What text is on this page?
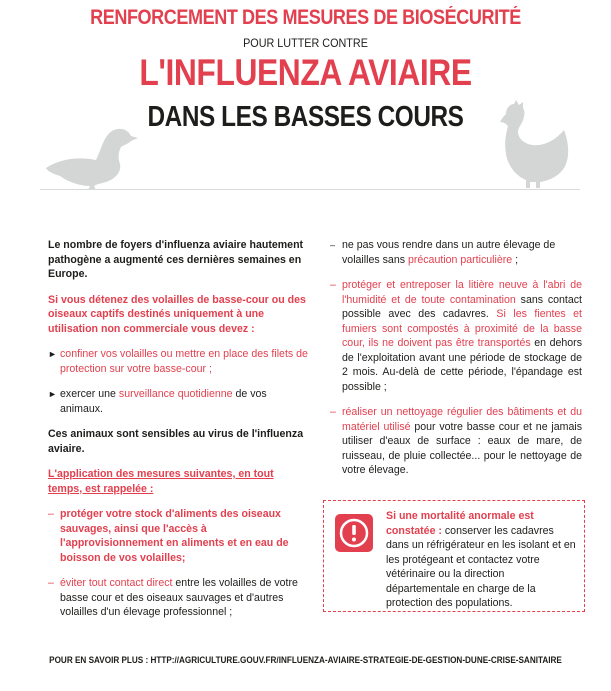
RENFORCEMENT DES MESURES DE BIOSÉCURITÉ
POUR LUTTER CONTRE
L'INFLUENZA AVIAIRE
DANS LES BASSES COURS

Le nombre de foyers d'influenza aviaire hautement pathogène a augmenté ces dernières semaines en Europe.

Si vous détenez des volailles de basse-cour ou des oiseaux captifs destinés uniquement à une utilisation non commerciale vous devez :

► confiner vos volailles ou mettre en place des filets de protection sur votre basse-cour ;
► exercer une surveillance quotidienne de vos animaux.

Ces animaux sont sensibles au virus de l'influenza aviaire.

L'application des mesures suivantes, en tout temps, est rappelée :

– protéger votre stock d'aliments des oiseaux sauvages, ainsi que l'accès à l'approvisionnement en aliments et en eau de boisson de vos volailles;
– éviter tout contact direct entre les volailles de votre basse cour et des oiseaux sauvages et d'autres volailles d'un élevage professionnel ;
– ne pas vous rendre dans un autre élevage de volailles sans précaution particulière ;
– protéger et entreposer la litière neuve à l'abri de l'humidité et de toute contamination sans contact possible avec des cadavres. Si les fientes et fumiers sont compostés à proximité de la basse cour, ils ne doivent pas être transportés en dehors de l'exploitation avant une période de stockage de 2 mois. Au-delà de cette période, l'épandage est possible ;
– réaliser un nettoyage régulier des bâtiments et du matériel utilisé pour votre basse cour et ne jamais utiliser d'eaux de surface : eaux de mare, de ruisseau, de pluie collectée... pour le nettoyage de votre élevage.
Si une mortalité anormale est constatée : conserver les cadavres dans un réfrigérateur en les isolant et en les protégeant et contactez votre vétérinaire ou la direction départementale en charge de la protection des populations.
POUR EN SAVOIR PLUS : HTTP://AGRICULTURE.GOUV.FR/INFLUENZA-AVIAIRE-STRATEGIE-DE-GESTION-DUNE-CRISE-SANITAIRE
